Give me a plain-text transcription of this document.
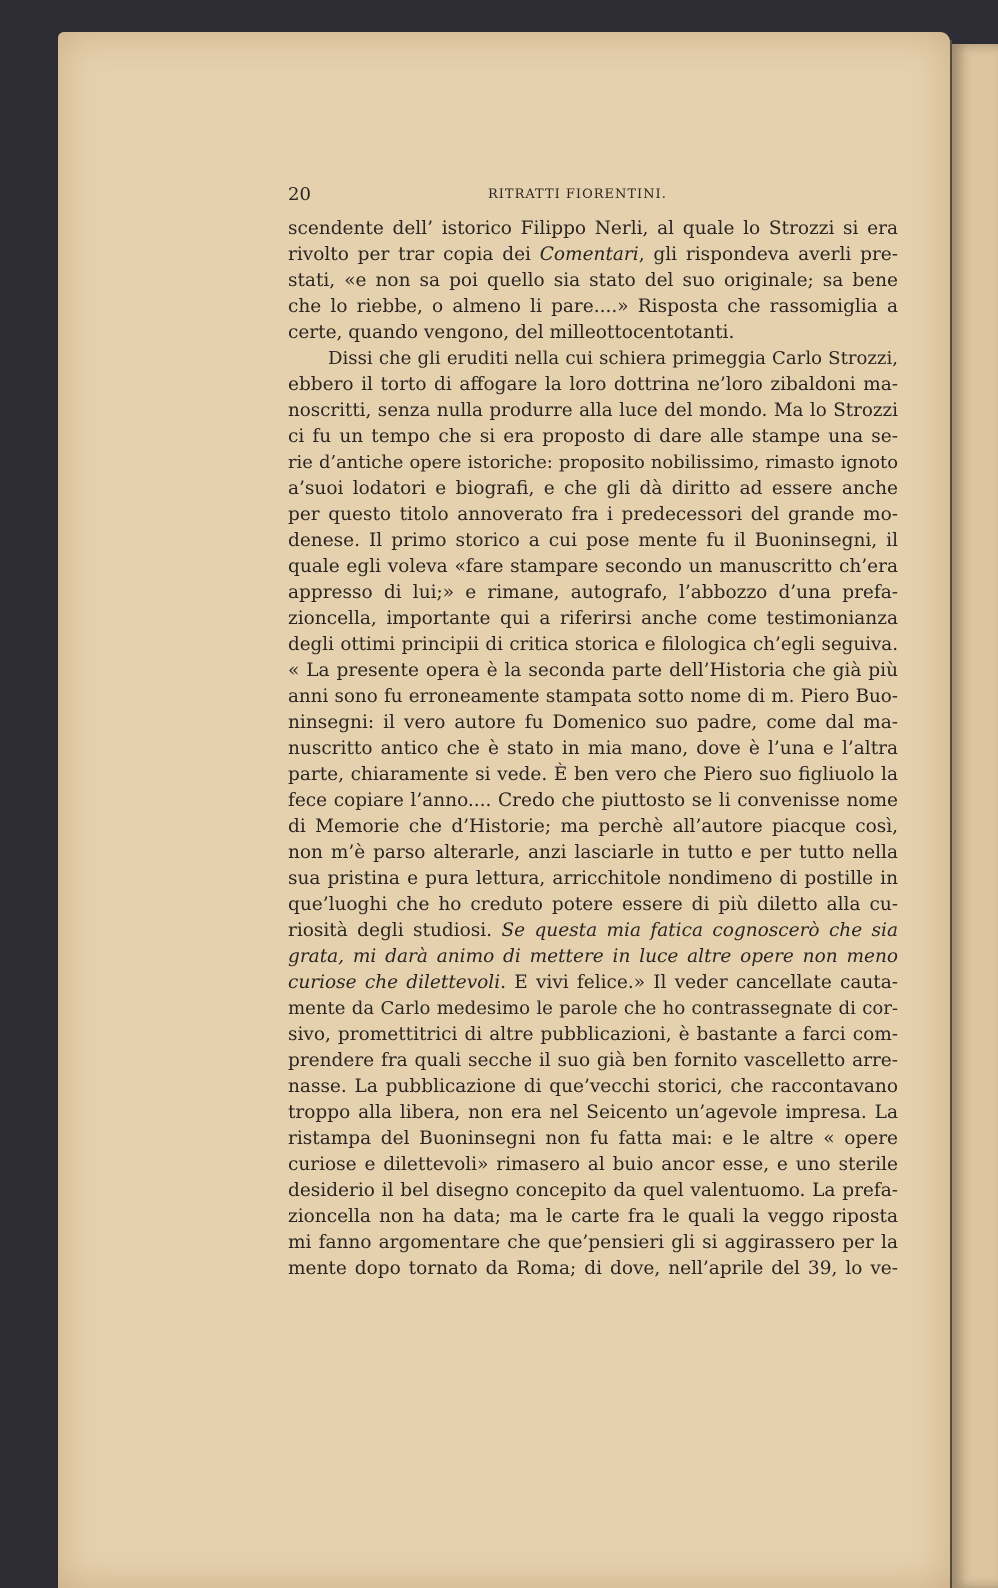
20	RITRATTI FIORENTINI.
scendente dell’ istorico Filippo Nerli, al quale lo Strozzi si era
rivolto per trar copia dei Comentari, gli rispondeva averli pre-
stati, «e non sa poi quello sia stato del suo originale; sa bene
che lo riebbe, o almeno li pare....» Risposta che rassomiglia a
certe, quando vengono, del milleottocentotanti.
Dissi che gli eruditi nella cui schiera primeggia Carlo Strozzi,
ebbero il torto di affogare la loro dottrina ne’loro zibaldoni ma-
noscritti, senza nulla produrre alla luce del mondo. Ma lo Strozzi
ci fu un tempo che si era proposto di dare alle stampe una se-
rie d’antiche opere istoriche: proposito nobilissimo, rimasto ignoto
a’suoi lodatori e biografi, e che gli dà diritto ad essere anche
per questo titolo annoverato fra i predecessori del grande mo-
denese. Il primo storico a cui pose mente fu il Buoninsegni, il
quale egli voleva «fare stampare secondo un manuscritto ch’era
appresso di lui;» e rimane, autografo, l’abbozzo d’una prefa-
zioncella, importante qui a riferirsi anche come testimonianza
degli ottimi principii di critica storica e filologica ch’egli seguiva.
« La presente opera è la seconda parte dell’Historia che già più
anni sono fu erroneamente stampata sotto nome di m. Piero Buo-
ninsegni: il vero autore fu Domenico suo padre, come dal ma-
nuscritto antico che è stato in mia mano, dove è l’una e l’altra
parte, chiaramente si vede. È ben vero che Piero suo figliuolo la
fece copiare l’anno.... Credo che piuttosto se li convenisse nome
di Memorie che d’Historie; ma perchè all’autore piacque così,
non m’è parso alterarle, anzi lasciarle in tutto e per tutto nella
sua pristina e pura lettura, arricchitole nondimeno di postille in
que’luoghi che ho creduto potere essere di più diletto alla cu-
riosità degli studiosi. Se questa mia fatica cognoscerò che sia
grata, mi darà animo di mettere in luce altre opere non meno
curiose che dilettevoli. E vivi felice.» Il veder cancellate cauta-
mente da Carlo medesimo le parole che ho contrassegnate di cor-
sivo, promettitrici di altre pubblicazioni, è bastante a farci com-
prendere fra quali secche il suo già ben fornito vascelletto arre-
nasse. La pubblicazione di que’vecchi storici, che raccontavano
troppo alla libera, non era nel Seicento un’agevole impresa. La
ristampa del Buoninsegni non fu fatta mai: e le altre « opere
curiose e dilettevoli» rimasero al buio ancor esse, e uno sterile
desiderio il bel disegno concepito da quel valentuomo. La prefa-
zioncella non ha data; ma le carte fra le quali la veggo riposta
mi fanno argomentare che que’pensieri gli si aggirassero per la
mente dopo tornato da Roma; di dove, nell’aprile del 39, lo ve-
